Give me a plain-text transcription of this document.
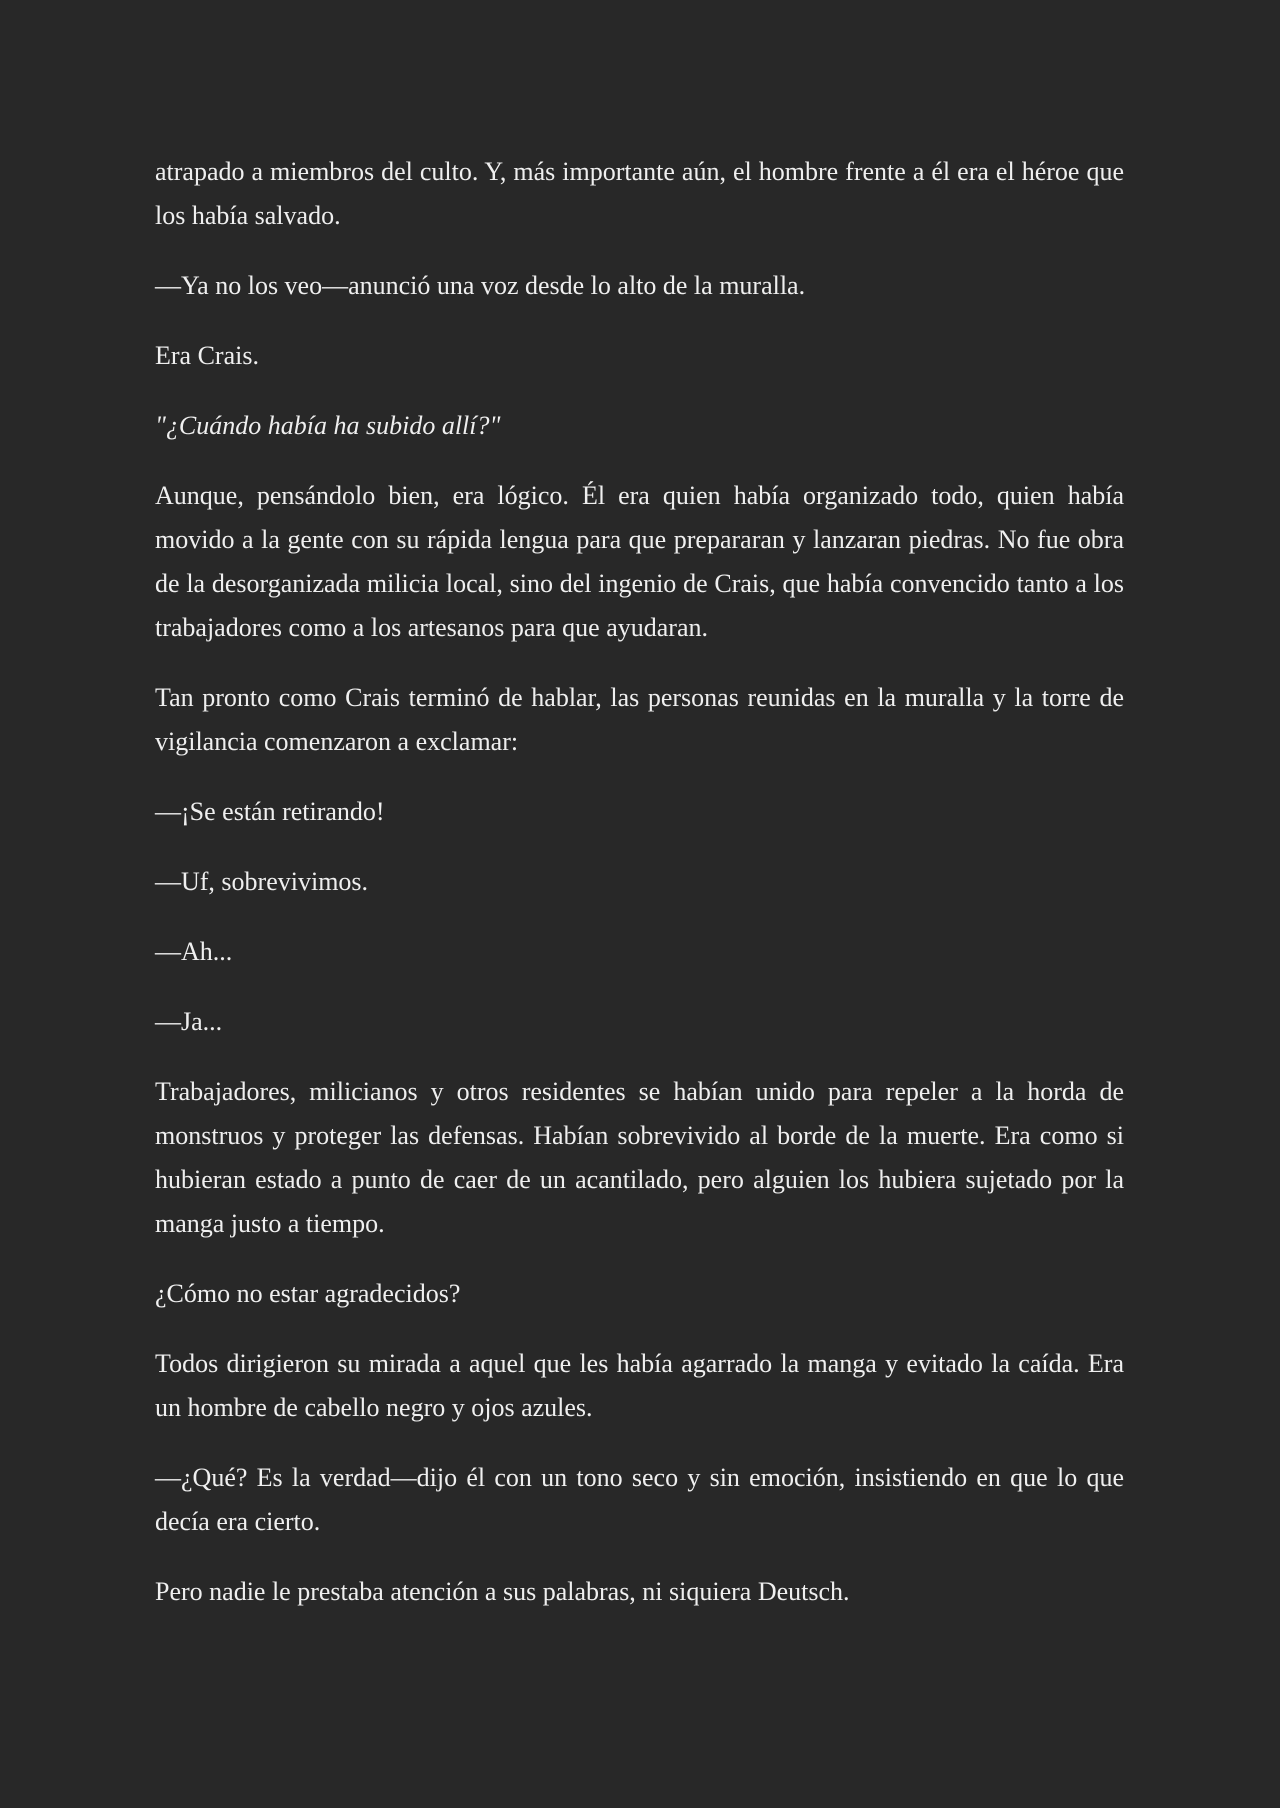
atrapado a miembros del culto. Y, más importante aún, el hombre frente a él era el héroe que los había salvado.

—Ya no los veo—anunció una voz desde lo alto de la muralla.

Era Crais.

"¿Cuándo había ha subido allí?"

Aunque, pensándolo bien, era lógico. Él era quien había organizado todo, quien había movido a la gente con su rápida lengua para que prepararan y lanzaran piedras. No fue obra de la desorganizada milicia local, sino del ingenio de Crais, que había convencido tanto a los trabajadores como a los artesanos para que ayudaran.

Tan pronto como Crais terminó de hablar, las personas reunidas en la muralla y la torre de vigilancia comenzaron a exclamar:

—¡Se están retirando!

—Uf, sobrevivimos.

—Ah...

—Ja...

Trabajadores, milicianos y otros residentes se habían unido para repeler a la horda de monstruos y proteger las defensas. Habían sobrevivido al borde de la muerte. Era como si hubieran estado a punto de caer de un acantilado, pero alguien los hubiera sujetado por la manga justo a tiempo.

¿Cómo no estar agradecidos?

Todos dirigieron su mirada a aquel que les había agarrado la manga y evitado la caída. Era un hombre de cabello negro y ojos azules.

—¿Qué? Es la verdad—dijo él con un tono seco y sin emoción, insistiendo en que lo que decía era cierto.

Pero nadie le prestaba atención a sus palabras, ni siquiera Deutsch.
